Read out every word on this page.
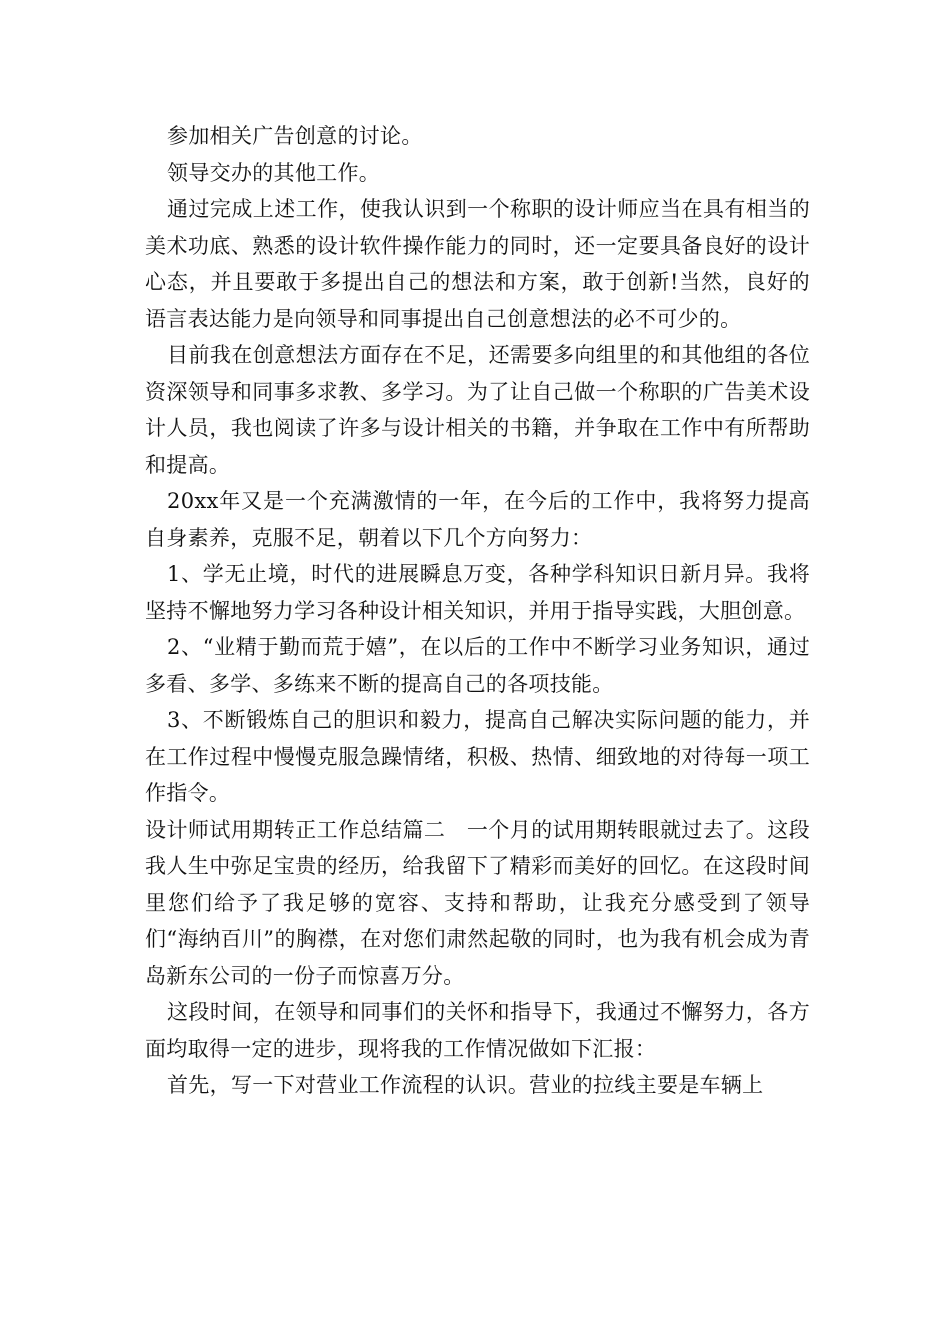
参加相关广告创意的讨论。

领导交办的其他工作。

通过完成上述工作，使我认识到一个称职的设计师应当在具有相当的美术功底、熟悉的设计软件操作能力的同时，还一定要具备良好的设计心态，并且要敢于多提出自己的想法和方案，敢于创新!当然，良好的语言表达能力是向领导和同事提出自己创意想法的必不可少的。

目前我在创意想法方面存在不足，还需要多向组里的和其他组的各位资深领导和同事多求教、多学习。为了让自己做一个称职的广告美术设计人员，我也阅读了许多与设计相关的书籍，并争取在工作中有所帮助和提高。

20xx年又是一个充满激情的一年，在今后的工作中，我将努力提高自身素养，克服不足，朝着以下几个方向努力：

1、学无止境，时代的进展瞬息万变，各种学科知识日新月异。我将坚持不懈地努力学习各种设计相关知识，并用于指导实践，大胆创意。

2、“业精于勤而荒于嬉”，在以后的工作中不断学习业务知识，通过多看、多学、多练来不断的提高自己的各项技能。

3、不断锻炼自己的胆识和毅力，提高自己解决实际问题的能力，并在工作过程中慢慢克服急躁情绪，积极、热情、细致地的对待每一项工作指令。

设计师试用期转正工作总结篇二　一个月的试用期转眼就过去了。这段我人生中弥足宝贵的经历，给我留下了精彩而美好的回忆。在这段时间里您们给予了我足够的宽容、支持和帮助，让我充分感受到了领导们“海纳百川”的胸襟，在对您们肃然起敬的同时，也为我有机会成为青岛新东公司的一份子而惊喜万分。

这段时间，在领导和同事们的关怀和指导下，我通过不懈努力，各方面均取得一定的进步，现将我的工作情况做如下汇报：

首先，写一下对营业工作流程的认识。营业的拉线主要是车辆上
